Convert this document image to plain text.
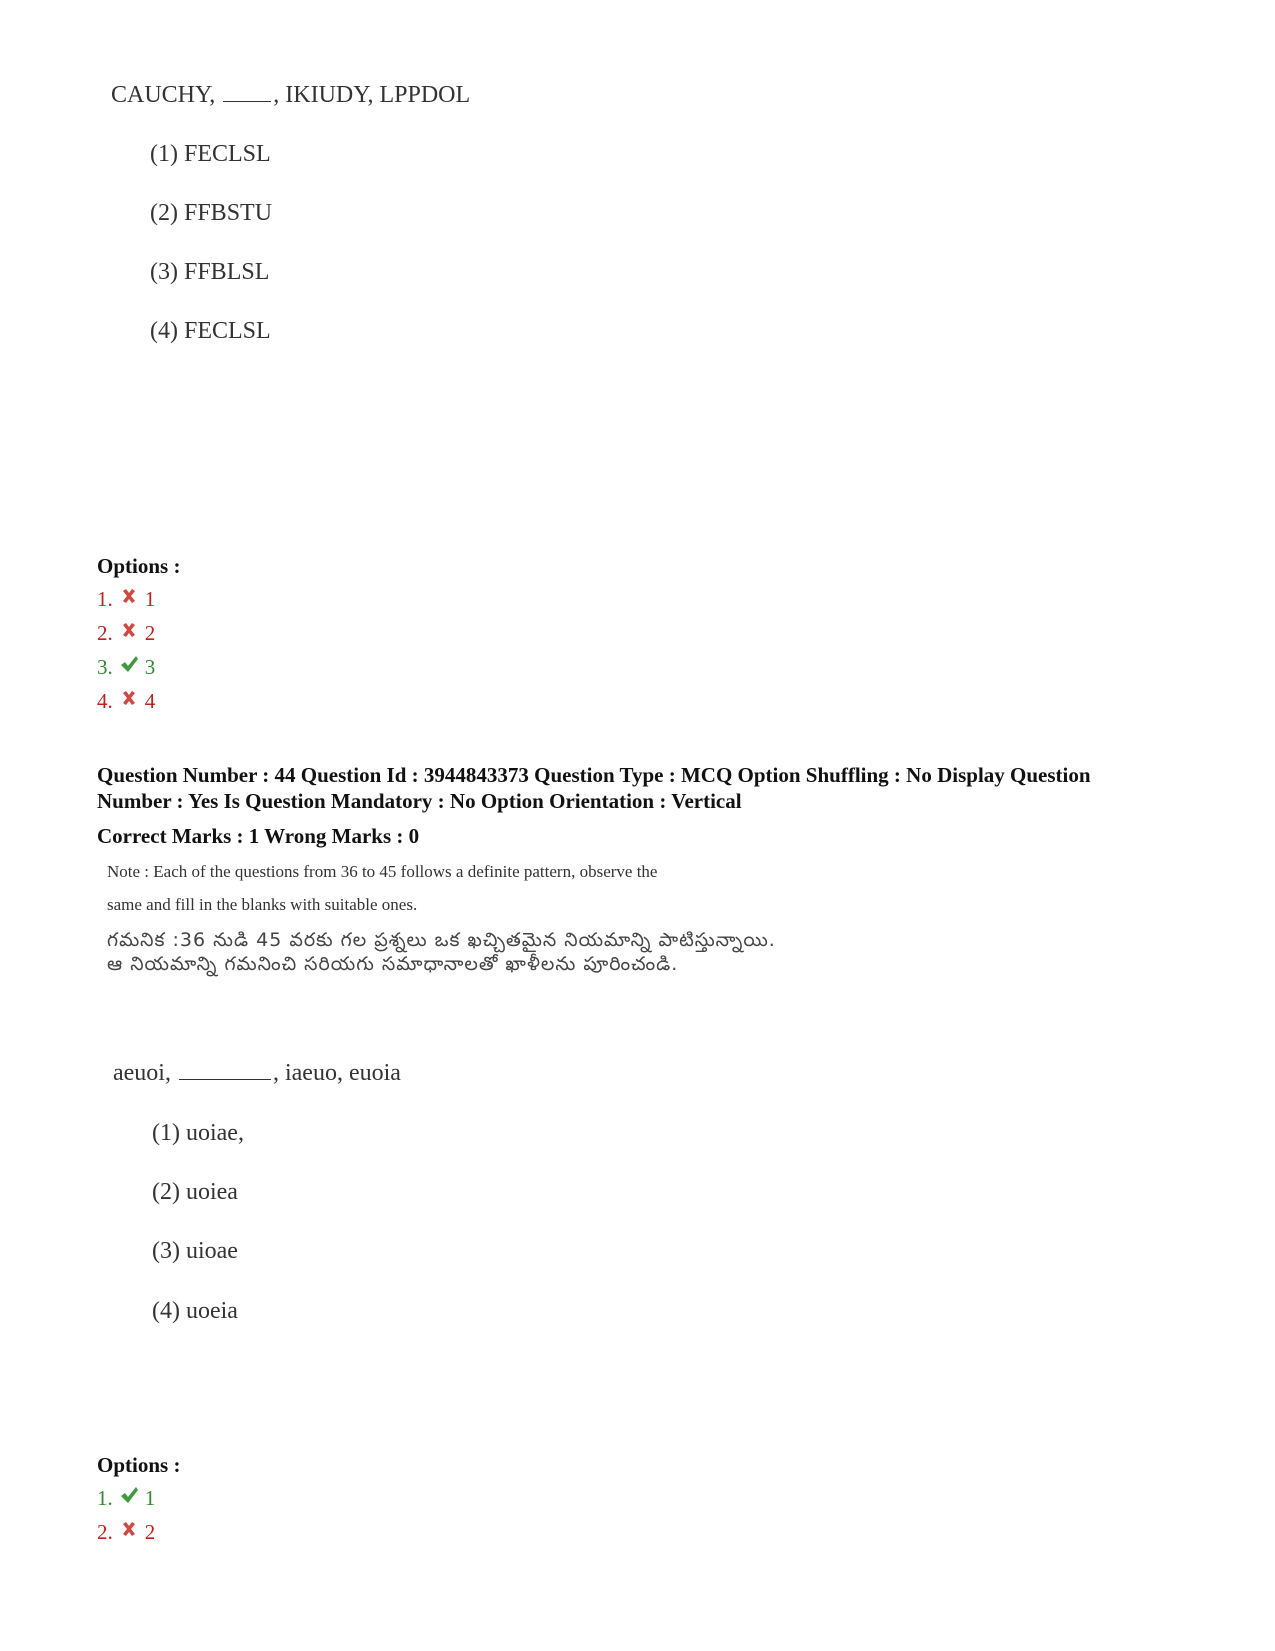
CAUCHY, , IKIUDY, LPPDOL
(1) FECLSL
(2) FFBSTU
(3) FFBLSL
(4) FECLSL
Options :
1. 1
2. 2
3. 3
4. 4
Question Number : 44 Question Id : 3944843373 Question Type : MCQ Option Shuffling : No Display Question
Number : Yes Is Question Mandatory : No Option Orientation : Vertical
Correct Marks : 1 Wrong Marks : 0
Note : Each of the questions from 36 to 45 follows a definite pattern, observe the
same and fill in the blanks with suitable ones.
గమనిక :36 నుడి 45 వరకు గల ప్రశ్నలు ఒక ఖచ్చితమైన నియమాన్ని పాటిస్తున్నాయి. ఆ నియమాన్ని గమనించి సరియగు సమాధానాలతో ఖాళీలను పూరించండి.
aeuoi,	, iaeuo, euoia
(1) uoiae,
(2) uoiea
(3) uioae
(4) uoeia
Options :
1. 1
2. 2
